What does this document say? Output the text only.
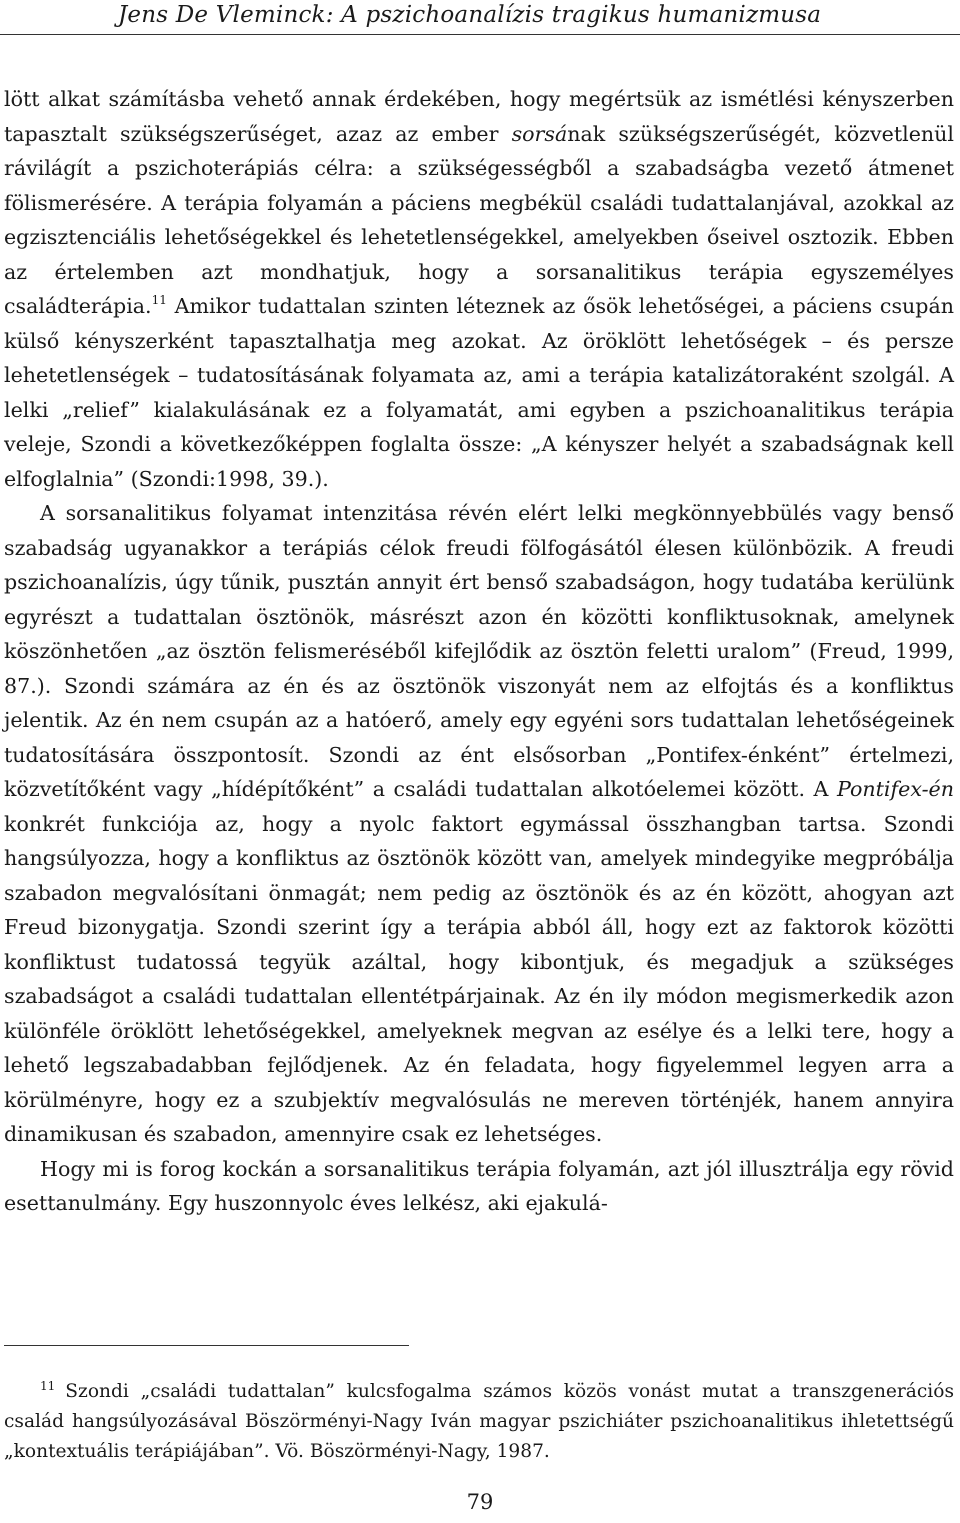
Jens De Vleminck: A pszichoanalízis tragikus humanizmusa

lött alkat számításba vehető annak érdekében, hogy megértsük az ismétlési kényszerben tapasztalt szükségszerűséget, azaz az ember sorsának szükségszerűségét, közvetlenül rávilágít a pszichoterápiás célra: a szükségességből a szabadságba vezető átmenet fölismerésére. A terápia folyamán a páciens megbékül családi tudattalanjával, azokkal az egzisztenciális lehetőségekkel és lehetetlenségekkel, amelyekben őseivel osztozik. Ebben az értelemben azt mondhatjuk, hogy a sorsanalitikus terápia egyszemélyes családterápia.$^{11}$ Amikor tudattalan szinten léteznek az ősök lehetőségei, a páciens csupán külső kényszerként tapasztalhatja meg azokat. Az öröklött lehetőségek – és persze lehetetlenségek – tudatosításának folyamata az, ami a terápia katalizátoraként szolgál. A lelki „relief” kialakulásának ez a folyamatát, ami egyben a pszichoanalitikus terápia veleje, Szondi a következőképpen foglalta össze: „A kényszer helyét a szabadságnak kell elfoglalnia” (Szondi:1998, 39.).

A sorsanalitikus folyamat intenzitása révén elért lelki megkönnyebbülés vagy benső szabadság ugyanakkor a terápiás célok freudi fölfogásától élesen különbözik. A freudi pszichoanalízis, úgy tűnik, pusztán annyit ért benső szabadságon, hogy tudatába kerülünk egyrészt a tudattalan ösztönök, másrészt azon én közötti konfliktusoknak, amelynek köszönhetően „az ösztön felismeréséből kifejlődik az ösztön feletti uralom” (Freud, 1999, 87.). Szondi számára az én és az ösztönök viszonyát nem az elfojtás és a konfliktus jelentik. Az én nem csupán az a hatóerő, amely egy egyéni sors tudattalan lehetőségeinek tudatosítására összpontosít. Szondi az ént elsősorban „Pontifex-énként” értelmezi, közvetítőként vagy „hídépítőként” a családi tudattalan alkotóelemei között. A Pontifex-én konkrét funkciója az, hogy a nyolc faktort egymással összhangban tartsa. Szondi hangsúlyozza, hogy a konfliktus az ösztönök között van, amelyek mindegyike megpróbálja szabadon megvalósítani önmagát; nem pedig az ösztönök és az én között, ahogyan azt Freud bizonygatja. Szondi szerint így a terápia abból áll, hogy ezt az faktorok közötti konfliktust tudatossá tegyük azáltal, hogy kibontjuk, és megadjuk a szükséges szabadságot a családi tudattalan ellentétpárjainak. Az én ily módon megismerkedik azon különféle öröklött lehetőségekkel, amelyeknek megvan az esélye és a lelki tere, hogy a lehető legszabadabban fejlődjenek. Az én feladata, hogy figyelemmel legyen arra a körülményre, hogy ez a szubjektív megvalósulás ne mereven történjék, hanem annyira dinamikusan és szabadon, amennyire csak ez lehetséges.

Hogy mi is forog kockán a sorsanalitikus terápia folyamán, azt jól illusztrálja egy rövid esettanulmány. Egy huszonnyolc éves lelkész, aki ejakulá-

$^{11}$ Szondi „családi tudattalan” kulcsfogalma számos közös vonást mutat a transzgenerációs család hangsúlyozásával Böszörményi-Nagy Iván magyar pszichiáter pszichoanalitikus ihletettségű „kontextuális terápiájában”. Vö. Böszörményi-Nagy, 1987.

79
